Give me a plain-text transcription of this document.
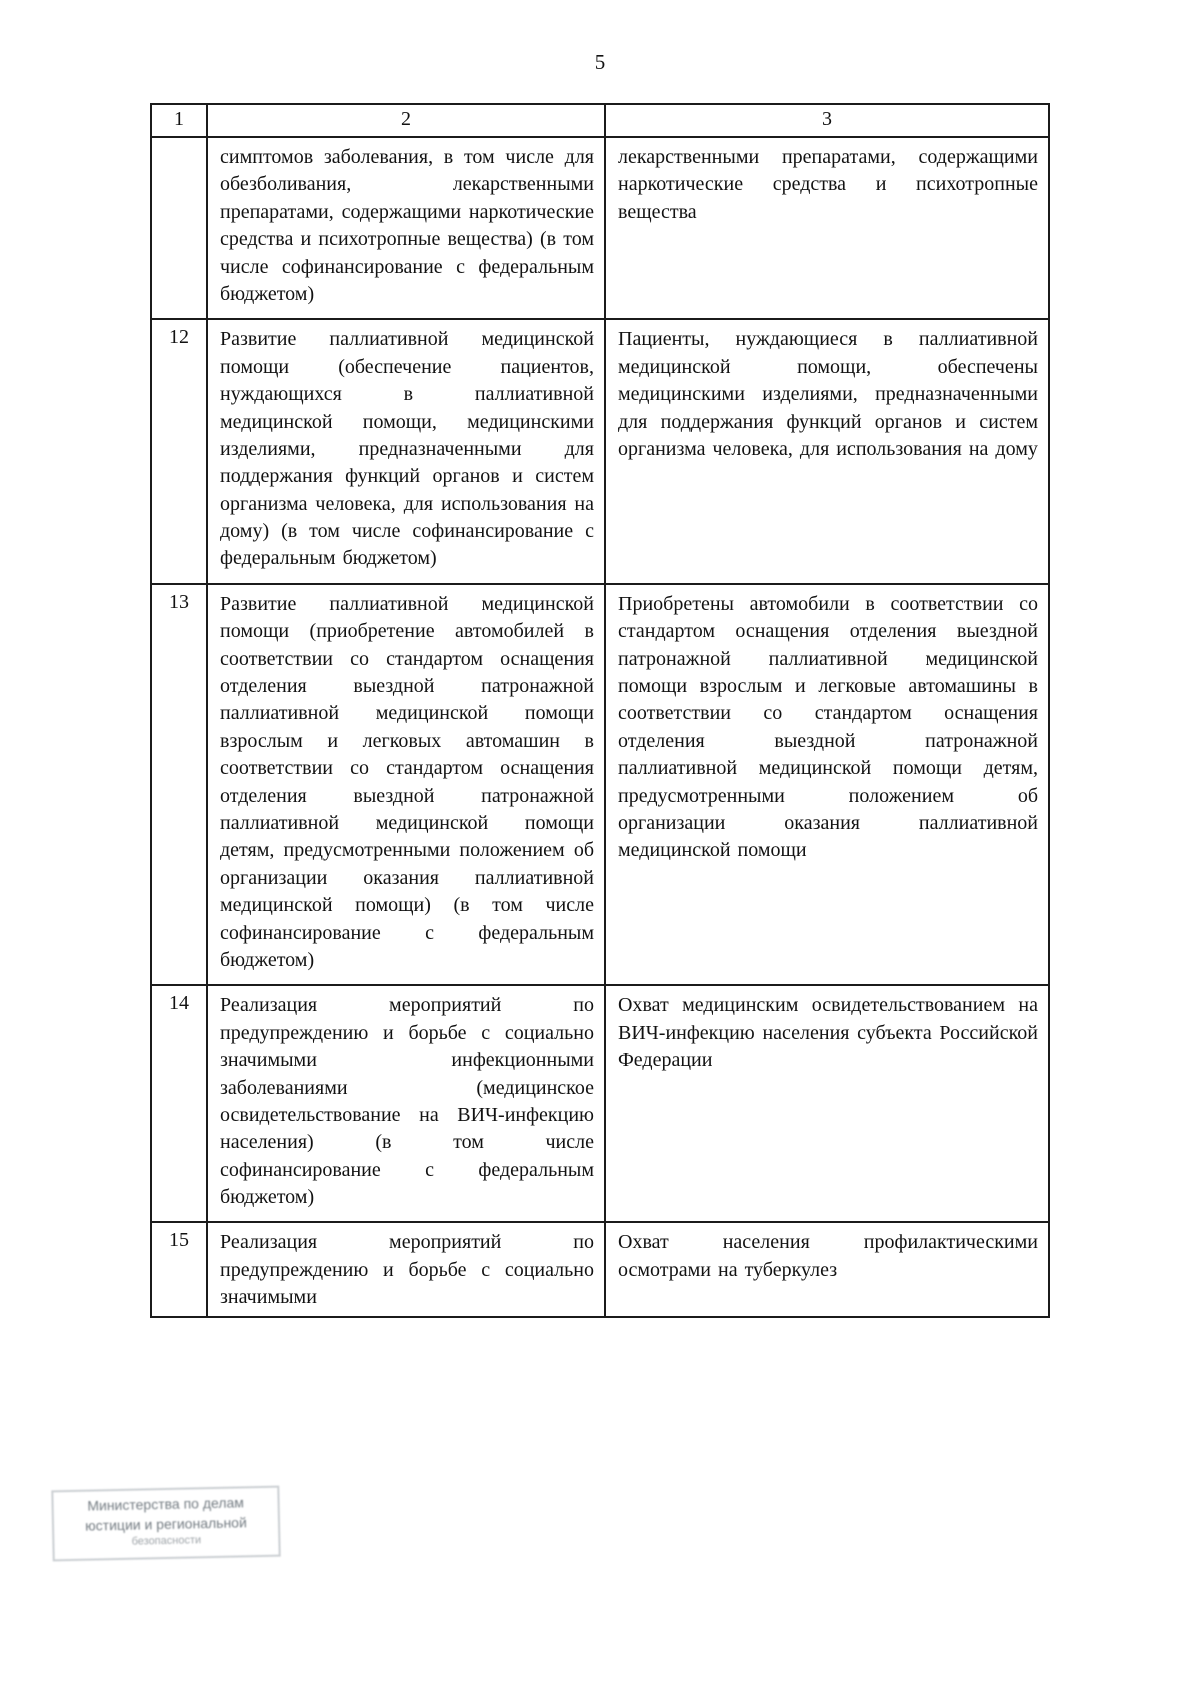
5
1	2	3
	симптомов заболевания, в том числе для обезболивания, лекарственными препаратами, содержащими наркотические средства и психотропные вещества) (в том числе софинансирование с федеральным бюджетом)	лекарственными препаратами, содержащими наркотические средства и психотропные вещества
12	Развитие паллиативной медицинской помощи (обеспечение пациентов, нуждающихся в паллиативной медицинской помощи, медицинскими изделиями, предназначенными для поддержания функций органов и систем организма человека, для использования на дому) (в том числе софинансирование с федеральным бюджетом)	Пациенты, нуждающиеся в паллиативной медицинской помощи, обеспечены медицинскими изделиями, предназначенными для поддержания функций органов и систем организма человека, для использования на дому
13	Развитие паллиативной медицинской помощи (приобретение автомобилей в соответствии со стандартом оснащения отделения выездной патронажной паллиативной медицинской помощи взрослым и легковых автомашин в соответствии со стандартом оснащения отделения выездной патронажной паллиативной медицинской помощи детям, предусмотренными положением об организации оказания паллиативной медицинской помощи) (в том числе софинансирование с федеральным бюджетом)	Приобретены автомобили в соответствии со стандартом оснащения отделения выездной патронажной паллиативной медицинской помощи взрослым и легковые автомашины в соответствии со стандартом оснащения отделения выездной патронажной паллиативной медицинской помощи детям, предусмотренными положением об организации оказания паллиативной медицинской помощи
14	Реализация мероприятий по предупреждению и борьбе с социально значимыми инфекционными заболеваниями (медицинское освидетельствование на ВИЧ-инфекцию населения) (в том числе софинансирование с федеральным бюджетом)	Охват медицинским освидетельствованием на ВИЧ-инфекцию населения субъекта Российской Федерации
15	Реализация мероприятий по предупреждению и борьбе с социально значимыми	Охват населения профилактическими осмотрами на туберкулез
Министерства по делам
юстиции и региональной
безопасности
